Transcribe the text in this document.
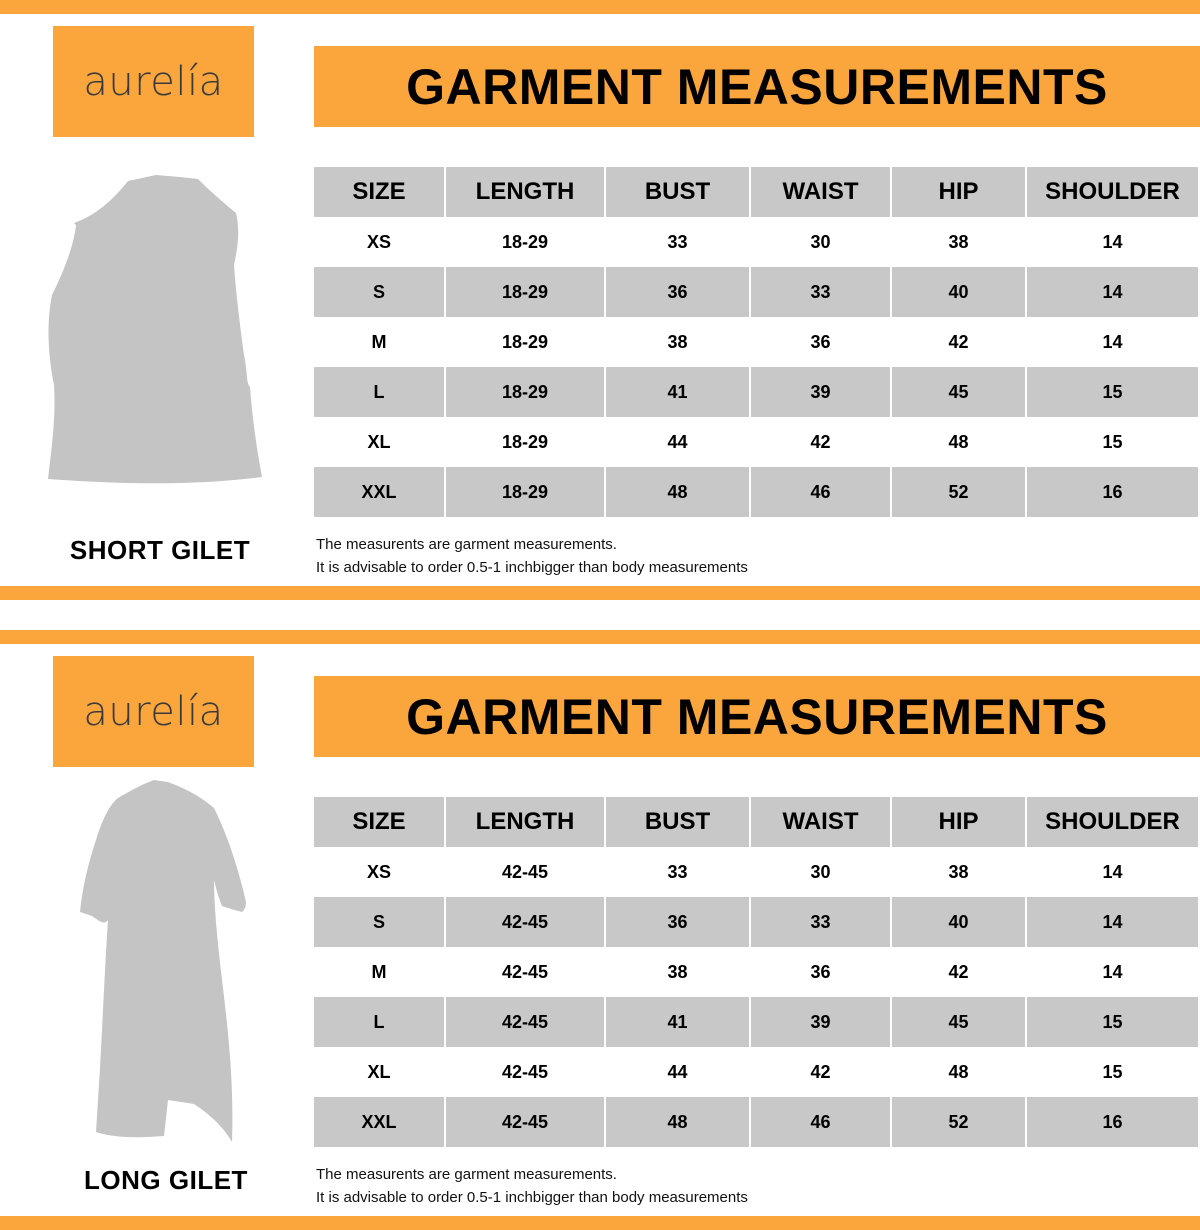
aurelía	GARMENT MEASUREMENTS
SHORT GILET
SIZE	LENGTH	BUST	WAIST	HIP	SHOULDER
XS	18-29	33	30	38	14
S	18-29	36	33	40	14
M	18-29	38	36	42	14
L	18-29	41	39	45	15
XL	18-29	44	42	48	15
XXL	18-29	48	46	52	16
The measurents are garment measurements.
It is advisable to order 0.5-1 inchbigger than body measurements
aurelía	GARMENT MEASUREMENTS
LONG GILET
SIZE	LENGTH	BUST	WAIST	HIP	SHOULDER
XS	42-45	33	30	38	14
S	42-45	36	33	40	14
M	42-45	38	36	42	14
L	42-45	41	39	45	15
XL	42-45	44	42	48	15
XXL	42-45	48	46	52	16
The measurents are garment measurements.
It is advisable to order 0.5-1 inchbigger than body measurements
